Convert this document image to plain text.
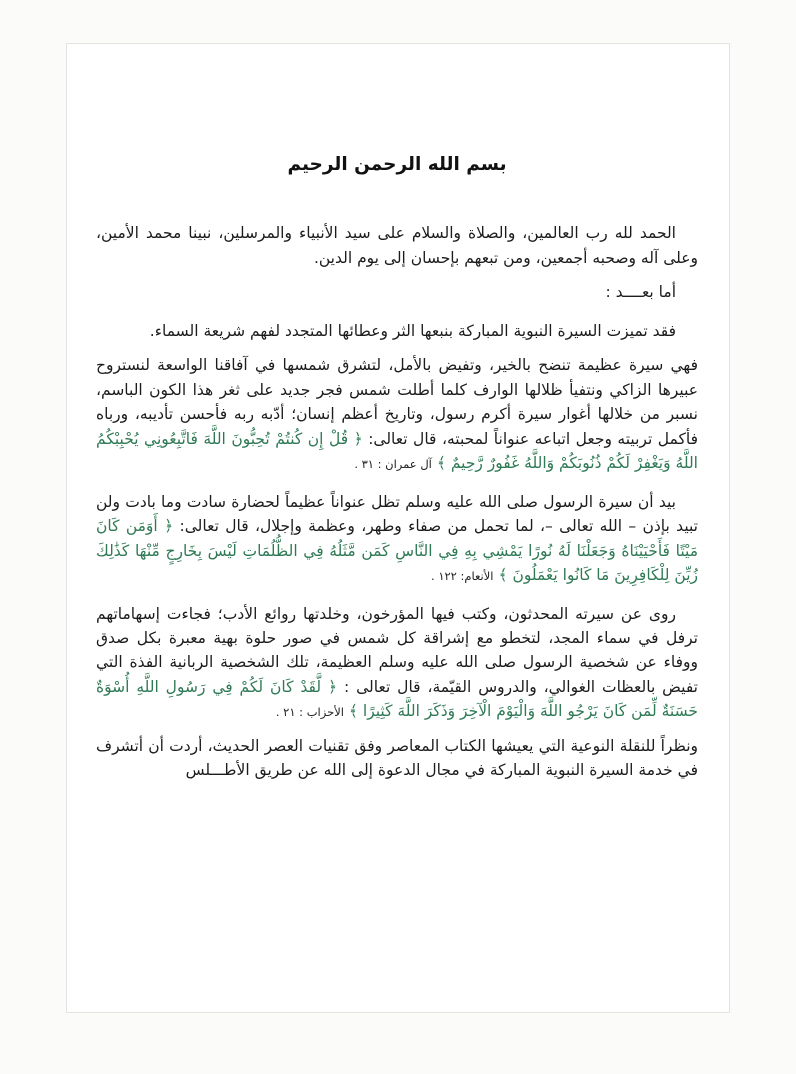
بسم الله الرحمن الرحيم

الحمد لله رب العالمين، والصلاة والسلام على سيد الأنبياء والمرسلين، نبينا محمد الأمين، وعلى آله وصحبه أجمعين، ومن تبعهم بإحسان إلى يوم الدين.

أما بعــــد :

فقد تميزت السيرة النبوية المباركة بنبعها الثر وعطائها المتجدد لفهم شريعة السماء.

فهي سيرة عظيمة تنضح بالخير، وتفيض بالأمل، لتشرق شمسها في آفاقنا الواسعة لنستروح عبيرها الزاكي ونتفيأ ظلالها الوارف كلما أطلت شمس فجر جديد على ثغر هذا الكون الباسم، نسبر من خلالها أغوار سيرة أكرم رسول، وتاريخ أعظم إنسان؛ أدّبه ربه فأحسن تأديبه، ورباه فأكمل تربيته وجعل اتباعه عنواناً لمحبته، قال تعالى: ﴿ قُلْ إِن كُنتُمْ تُحِبُّونَ اللَّهَ فَاتَّبِعُونِي يُحْبِبْكُمُ اللَّهُ وَيَغْفِرْ لَكُمْ ذُنُوبَكُمْ وَاللَّهُ غَفُورٌ رَّحِيمٌ ﴾ آل عمران : ٣١ .

بيد أن سيرة الرسول صلى الله عليه وسلم تظل عنواناً عظيماً لحضارة سادت وما بادت ولن تبيد بإذن – الله تعالى –، لما تحمل من صفاء وطهر، وعظمة وإجلال، قال تعالى: ﴿ أَوَمَن كَانَ مَيْتًا فَأَحْيَيْنَاهُ وَجَعَلْنَا لَهُ نُورًا يَمْشِي بِهِ فِي النَّاسِ كَمَن مَّثَلُهُ فِي الظُّلُمَاتِ لَيْسَ بِخَارِجٍ مِّنْهَا كَذَٰلِكَ زُيِّنَ لِلْكَافِرِينَ مَا كَانُوا يَعْمَلُونَ ﴾ الأنعام: ١٢٢ .

روى عن سيرته المحدثون، وكتب فيها المؤرخون، وخلدتها روائع الأدب؛ فجاءت إسهاماتهم ترفل في سماء المجد، لتخطو مع إشراقة كل شمس في صور حلوة بهية معبرة بكل صدق ووفاء عن شخصية الرسول صلى الله عليه وسلم العظيمة، تلك الشخصية الربانية الفذة التي تفيض بالعظات الغوالي، والدروس القيّمة، قال تعالى : ﴿ لَّقَدْ كَانَ لَكُمْ فِي رَسُولِ اللَّهِ أُسْوَةٌ حَسَنَةٌ لِّمَن كَانَ يَرْجُو اللَّهَ وَالْيَوْمَ الْآخِرَ وَذَكَرَ اللَّهَ كَثِيرًا ﴾ الأحزاب : ٢١ .

ونظراً للنقلة النوعية التي يعيشها الكتاب المعاصر وفق تقنيات العصر الحديث، أردت أن أتشرف في خدمة السيرة النبوية المباركة في مجال الدعوة إلى الله عن طريق الأطـــلس
